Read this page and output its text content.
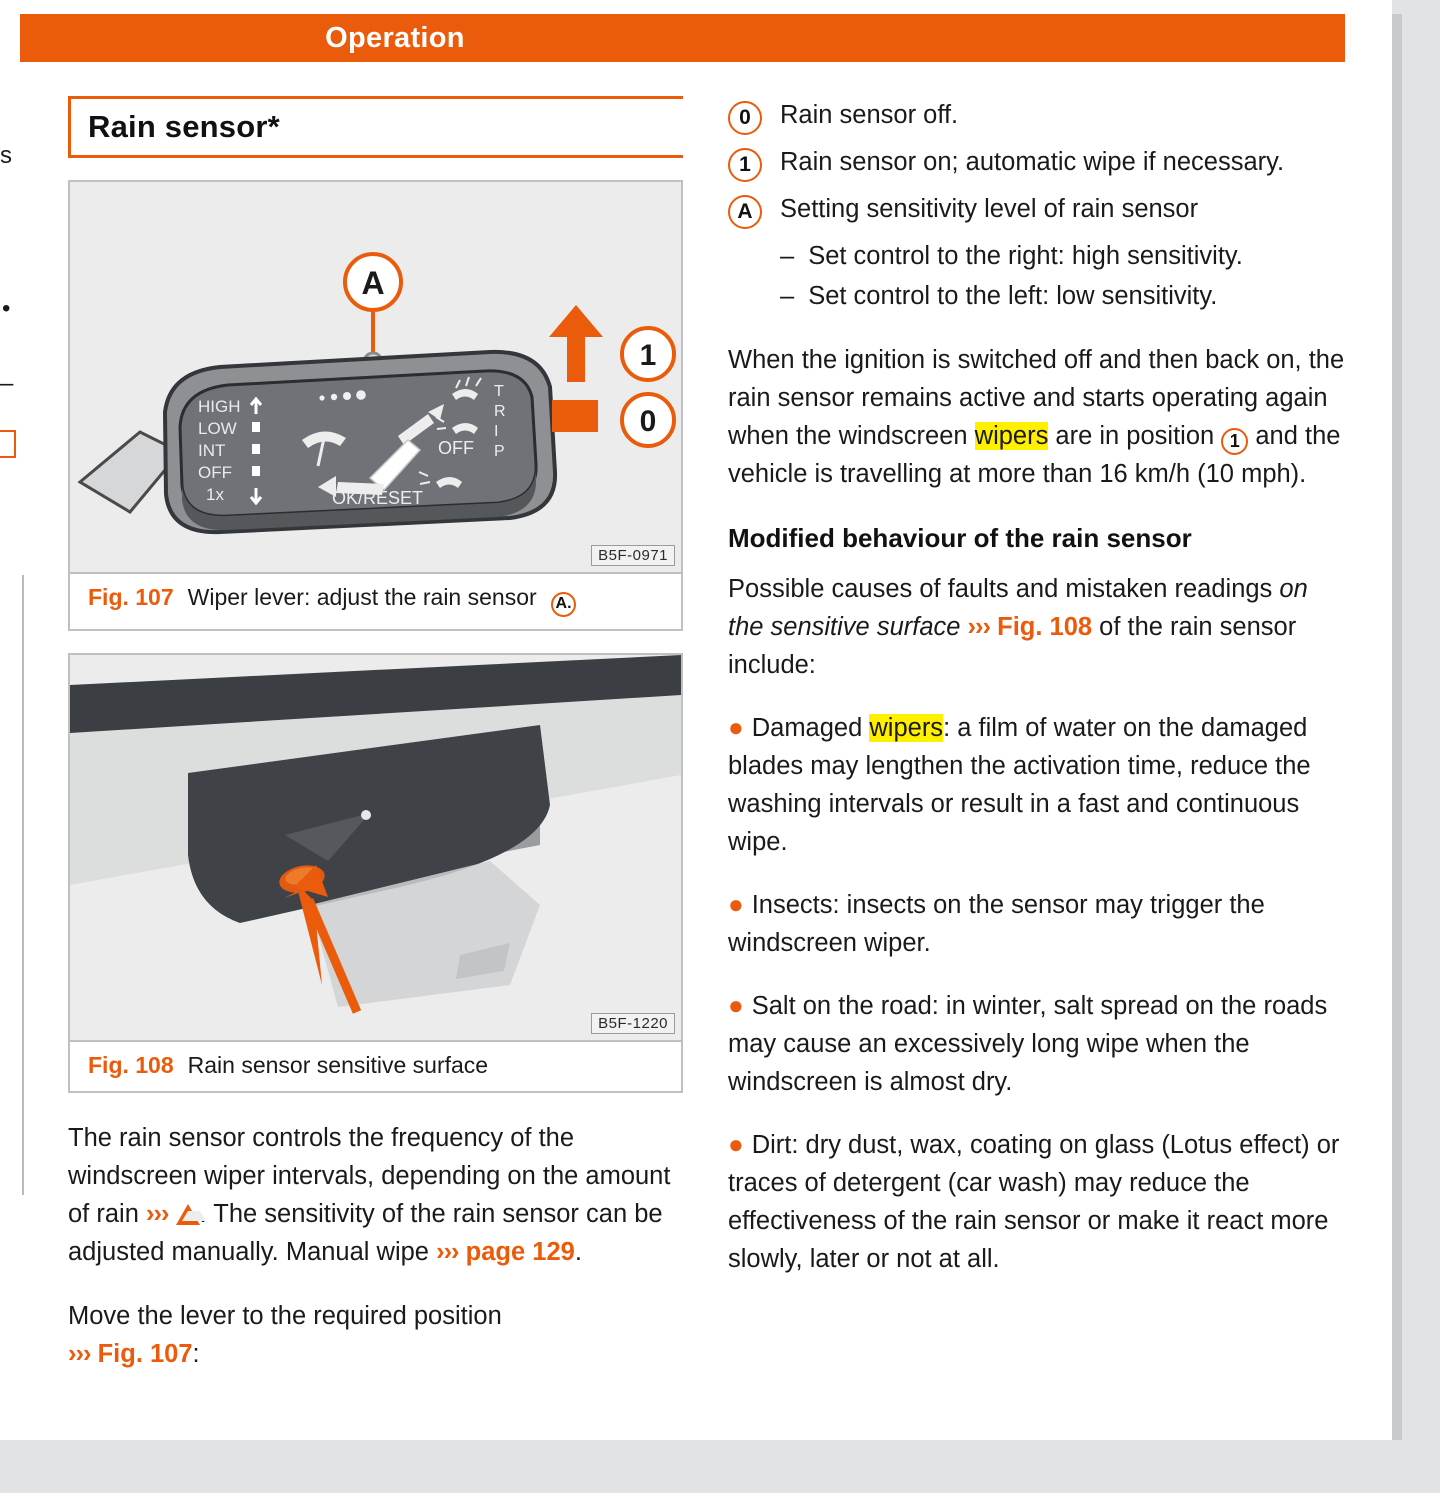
s
•
–
Operation
Rain sensor*
A
HIGH
LOW
INT
OFF
1x
OFF
T
R
I
P
OK/RESET
1
0
B5F-0971
Fig. 107 Wiper lever: adjust the rain sensor A.
B5F-1220
Fig. 108 Rain sensor sensitive surface

The rain sensor controls the frequency of the windscreen wiper intervals, depending on the amount of rain ››› . The sensitivity of the rain sensor can be adjusted manually. Manual wipe ››› page 129.

Move the lever to the required position
››› Fig. 107:

0	Rain sensor off.
1	Rain sensor on; automatic wipe if necessary.
A	Setting sensitivity level of rain sensor
– Set control to the right: high sensitivity.
– Set control to the left: low sensitivity.

When the ignition is switched off and then back on, the rain sensor remains active and starts operating again when the windscreen wipers are in position 1 and the vehicle is travelling at more than 16 km/h (10 mph).

Modified behaviour of the rain sensor

Possible causes of faults and mistaken readings on the sensitive surface ››› Fig. 108 of the rain sensor include:

● Damaged wipers: a film of water on the damaged blades may lengthen the activation time, reduce the washing intervals or result in a fast and continuous wipe.

● Insects: insects on the sensor may trigger the windscreen wiper.

● Salt on the road: in winter, salt spread on the roads may cause an excessively long wipe when the windscreen is almost dry.

● Dirt: dry dust, wax, coating on glass (Lotus effect) or traces of detergent (car wash) may reduce the effectiveness of the rain sensor or make it react more slowly, later or not at all.
